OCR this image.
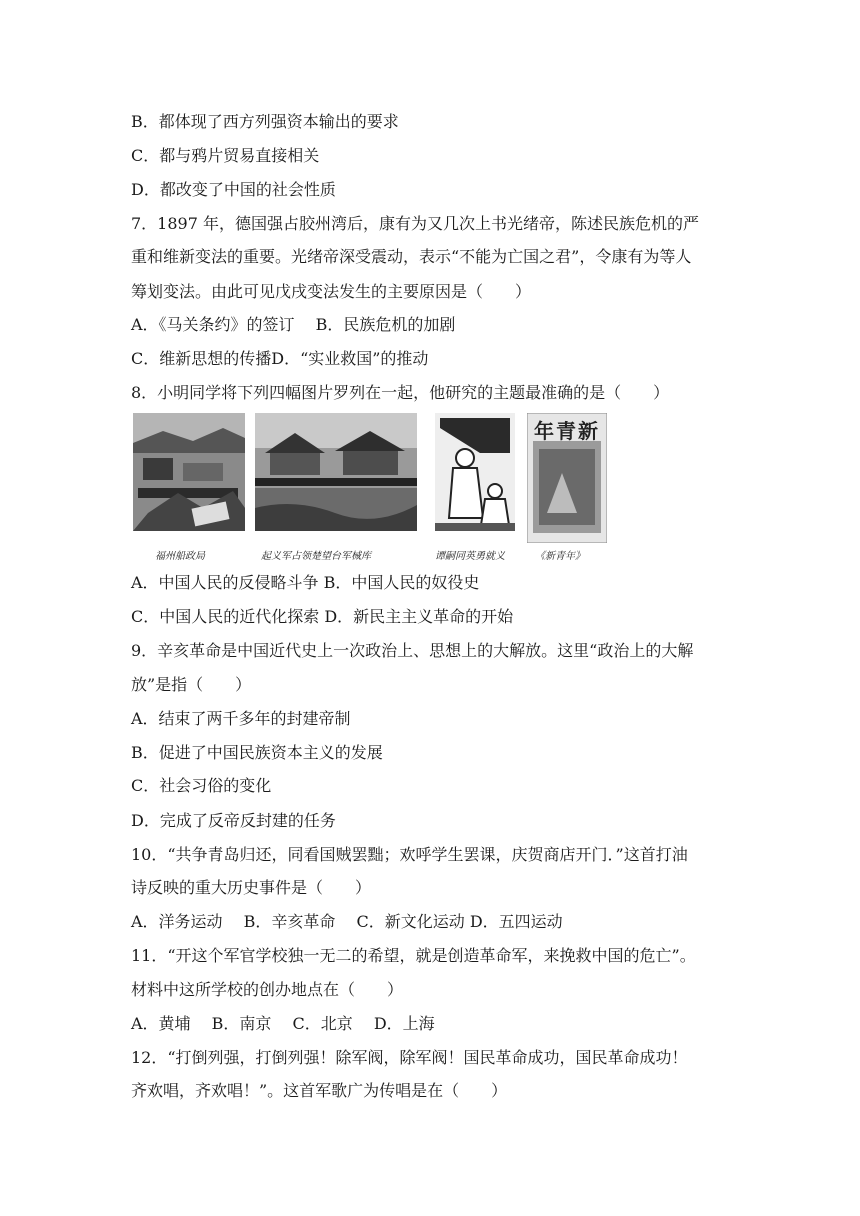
B．都体现了西方列强资本输出的要求
C．都与鸦片贸易直接相关
D．都改变了中国的社会性质
7．1897 年，德国强占胶州湾后，康有为又几次上书光绪帝，陈述民族危机的严
重和维新变法的重要。光绪帝深受震动，表示“不能为亡国之君”，令康有为等人
筹划变法。由此可见戊戌变法发生的主要原因是（　　）
A．《马关条约》的签订　 B．民族危机的加剧
C．维新思想的传播D．“实业救国”的推动
8．小明同学将下列四幅图片罗列在一起，他研究的主题最准确的是（　　）
年青新
福州船政局	起义军占领楚望台军械库	谭嗣同英勇就义	《新青年》
A．中国人民的反侵略斗争 B．中国人民的奴役史
C．中国人民的近代化探索 D．新民主主义革命的开始
9．辛亥革命是中国近代史上一次政治上、思想上的大解放。这里“政治上的大解
放”是指（　　）
A．结束了两千多年的封建帝制
B．促进了中国民族资本主义的发展
C．社会习俗的变化
D．完成了反帝反封建的任务
10．“共争青岛归还，同看国贼罢黜；欢呼学生罢课，庆贺商店开门．”这首打油
诗反映的重大历史事件是（　　）
A．洋务运动　 B．辛亥革命　 C．新文化运动 D．五四运动
11．“开这个军官学校独一无二的希望，就是创造革命军，来挽救中国的危亡”。
材料中这所学校的创办地点在（　　）
A．黄埔　 B．南京　 C．北京　 D．上海
12．“打倒列强，打倒列强！除军阀，除军阀！国民革命成功，国民革命成功！
齐欢唱，齐欢唱！”。这首军歌广为传唱是在（　　）
